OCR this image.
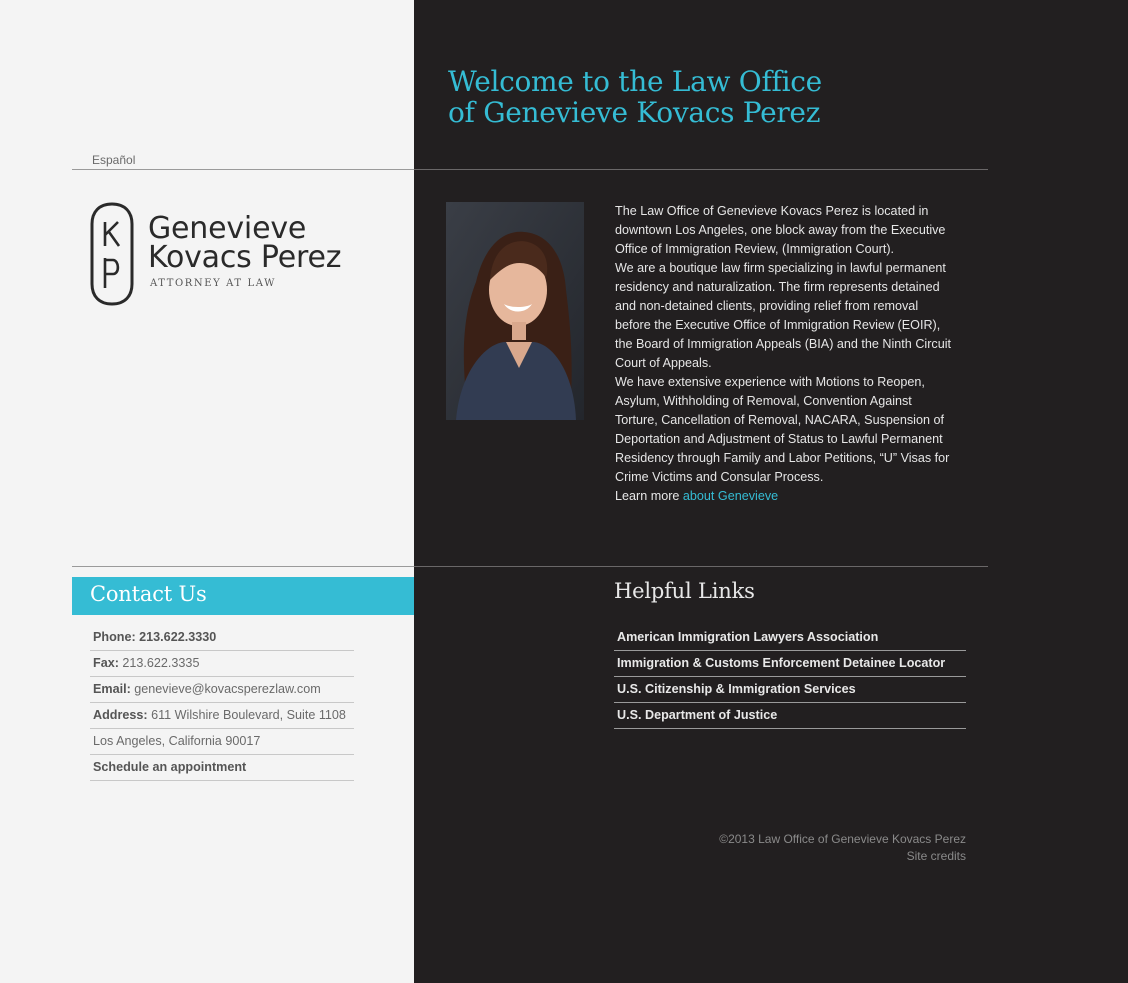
Welcome to the Law Office
of Genevieve Kovacs Perez
Español
Genevieve
Kovacs Perez
ATTORNEY AT LAW

The Law Office of Genevieve Kovacs Perez is located in downtown Los Angeles, one block away from the Executive Office of Immigration Review, (Immigration Court).

We are a boutique law firm specializing in lawful permanent residency and naturalization. The firm represents detained and non-detained clients, providing relief from removal before the Executive Office of Immigration Review (EOIR), the Board of Immigration Appeals (BIA) and the Ninth Circuit Court of Appeals.

We have extensive experience with Motions to Reopen, Asylum, Withholding of Removal, Convention Against Torture, Cancellation of Removal, NACARA, Suspension of Deportation and Adjustment of Status to Lawful Permanent Residency through Family and Labor Petitions, “U” Visas for Crime Victims and Consular Process.

Learn more about Genevieve

Contact Us
Phone: 213.622.3330
Fax: 213.622.3335
Email: genevieve@kovacsperezlaw.com
Address: 611 Wilshire Boulevard, Suite 1108
Los Angeles, California 90017
Schedule an appointment
Helpful Links
American Immigration Lawyers Association
Immigration & Customs Enforcement Detainee Locator
U.S. Citizenship & Immigration Services
U.S. Department of Justice
©2013 Law Office of Genevieve Kovacs Perez
Site credits
